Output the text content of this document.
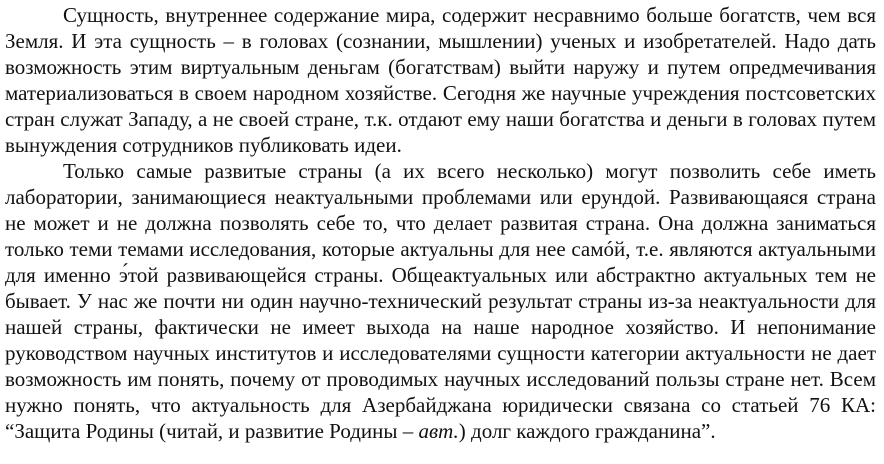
Сущность, внутреннее содержание мира, содержит несравнимо больше богатств, чем вся Земля. И эта сущность – в головах (сознании, мышлении) ученых и изобретателей. Надо дать возможность этим виртуальным деньгам (богатствам) выйти наружу и путем опредмечивания материализоваться в своем народном хозяйстве. Сегодня же научные учреждения постсоветских стран служат Западу, а не своей стране, т.к. отдают ему наши богатства и деньги в головах путем вынуждения сотрудников публиковать идеи.

Только самые развитые страны (а их всего несколько) могут позволить себе иметь лаборатории, занимающиеся неактуальными проблемами или ерундой. Развивающаяся страна не может и не должна позволять себе то, что делает развитая страна. Она должна заниматься только теми темами исследования, которые актуальны для нее самóй, т.е. являются актуальными для именно э́той развивающейся страны. Общеактуальных или абстрактно актуальных тем не бывает. У нас же почти ни один научно-технический результат страны из-за неактуальности для нашей страны, фактически не имеет выхода на наше народное хозяйство. И непонимание руководством научных институтов и исследователями сущности категории актуальности не дает возможность им понять, почему от проводимых научных исследований пользы стране нет. Всем нужно понять, что актуальность для Азербайджана юридически связана со статьей 76 КА: “Защита Родины (читай, и развитие Родины – авт.) долг каждого гражданина”.
